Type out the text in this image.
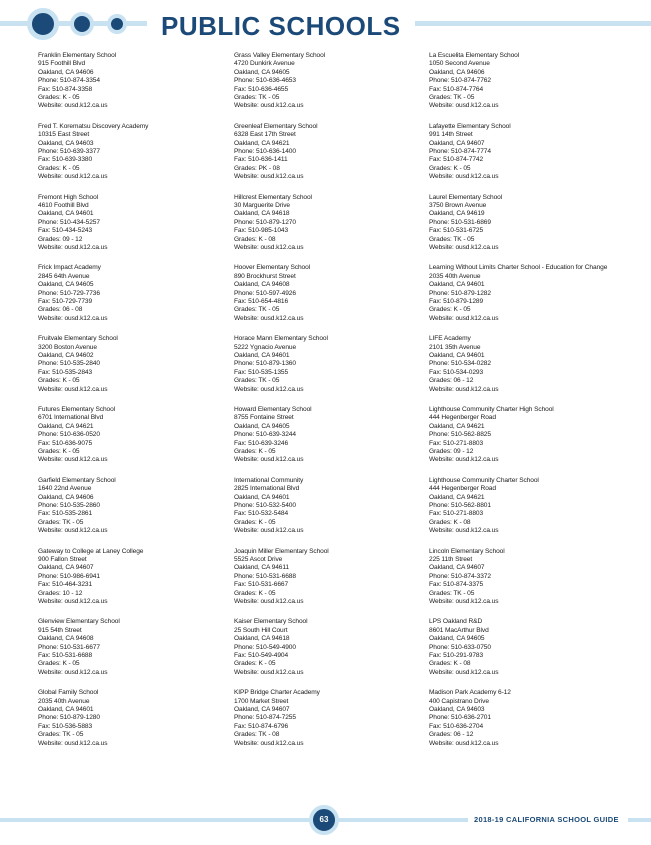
PUBLIC SCHOOLS
Franklin Elementary School
915 Foothill Blvd
Oakland, CA 94606
Phone: 510-874-3354
Fax: 510-874-3358
Grades: K - 05
Website: ousd.k12.ca.us
Fred T. Korematsu Discovery Academy
10315 East Street
Oakland, CA 94603
Phone: 510-639-3377
Fax: 510-639-3380
Grades: K - 05
Website: ousd.k12.ca.us
Fremont High School
4610 Foothill Blvd
Oakland, CA 94601
Phone: 510-434-5257
Fax: 510-434-5243
Grades: 09 - 12
Website: ousd.k12.ca.us
Frick Impact Academy
2845 64th Avenue
Oakland, CA 94605
Phone: 510-729-7736
Fax: 510-729-7739
Grades: 06 - 08
Website: ousd.k12.ca.us
Fruitvale Elementary School
3200 Boston Avenue
Oakland, CA 94602
Phone: 510-535-2840
Fax: 510-535-2843
Grades: K - 05
Website: ousd.k12.ca.us
Futures Elementary School
6701 International Blvd
Oakland, CA 94621
Phone: 510-636-0520
Fax: 510-636-9075
Grades: K - 05
Website: ousd.k12.ca.us
Garfield Elementary School
1640 22nd Avenue
Oakland, CA 94606
Phone: 510-535-2860
Fax: 510-535-2861
Grades: TK - 05
Website: ousd.k12.ca.us
Gateway to College at Laney College
900 Fallon Street
Oakland, CA 94607
Phone: 510-986-6941
Fax: 510-464-3231
Grades: 10 - 12
Website: ousd.k12.ca.us
Glenview Elementary School
915 54th Street
Oakland, CA 94608
Phone: 510-531-6677
Fax: 510-531-6688
Grades: K - 05
Website: ousd.k12.ca.us
Global Family School
2035 40th Avenue
Oakland, CA 94601
Phone: 510-879-1280
Fax: 510-536-5883
Grades: TK - 05
Website: ousd.k12.ca.us
Grass Valley Elementary School
4720 Dunkirk Avenue
Oakland, CA 94605
Phone: 510-636-4653
Fax: 510-636-4655
Grades: TK - 05
Website: ousd.k12.ca.us
Greenleaf Elementary School
6328 East 17th Street
Oakland, CA 94621
Phone: 510-636-1400
Fax: 510-636-1411
Grades: PK - 08
Website: ousd.k12.ca.us
Hillcrest Elementary School
30 Marguerite Drive
Oakland, CA 94618
Phone: 510-879-1270
Fax: 510-985-1043
Grades: K - 08
Website: ousd.k12.ca.us
Hoover Elementary School
890 Brockhurst Street
Oakland, CA 94608
Phone: 510-597-4926
Fax: 510-654-4816
Grades: TK - 05
Website: ousd.k12.ca.us
Horace Mann Elementary School
5222 Ygnacio Avenue
Oakland, CA 94601
Phone: 510-879-1360
Fax: 510-535-1355
Grades: TK - 05
Website: ousd.k12.ca.us
Howard Elementary School
8755 Fontaine Street
Oakland, CA 94605
Phone: 510-639-3244
Fax: 510-639-3246
Grades: K - 05
Website: ousd.k12.ca.us
International Community
2825 International Blvd
Oakland, CA 94601
Phone: 510-532-5400
Fax: 510-532-5484
Grades: K - 05
Website: ousd.k12.ca.us
Joaquin Miller Elementary School
5525 Ascot Drive
Oakland, CA 94611
Phone: 510-531-6688
Fax: 510-531-6667
Grades: K - 05
Website: ousd.k12.ca.us
Kaiser Elementary School
25 South Hill Court
Oakland, CA 94618
Phone: 510-549-4900
Fax: 510-549-4904
Grades: K - 05
Website: ousd.k12.ca.us
KIPP Bridge Charter Academy
1700 Market Street
Oakland, CA 94607
Phone: 510-874-7255
Fax: 510-874-6796
Grades: TK - 08
Website: ousd.k12.ca.us
La Escuelita Elementary School
1050 Second Avenue
Oakland, CA 94606
Phone: 510-874-7762
Fax: 510-874-7764
Grades: TK - 05
Website: ousd.k12.ca.us
Lafayette Elementary School
991 14th Street
Oakland, CA 94607
Phone: 510-874-7774
Fax: 510-874-7742
Grades: K - 05
Website: ousd.k12.ca.us
Laurel Elementary School
3750 Brown Avenue
Oakland, CA 94619
Phone: 510-531-6869
Fax: 510-531-6725
Grades: TK - 05
Website: ousd.k12.ca.us
Learning Without Limits Charter School - Education for Change
2035 40th Avenue
Oakland, CA 94601
Phone: 510-879-1282
Fax: 510-879-1289
Grades: K - 05
Website: ousd.k12.ca.us
LIFE Academy
2101 35th Avenue
Oakland, CA 94601
Phone: 510-534-0282
Fax: 510-534-0293
Grades: 06 - 12
Website: ousd.k12.ca.us
Lighthouse Community Charter High School
444 Hegenberger Road
Oakland, CA 94621
Phone: 510-562-8825
Fax: 510-271-8803
Grades: 09 - 12
Website: ousd.k12.ca.us
Lighthouse Community Charter School
444 Hegenberger Road
Oakland, CA 94621
Phone: 510-562-8801
Fax: 510-271-8803
Grades: K - 08
Website: ousd.k12.ca.us
Lincoln Elementary School
225 11th Street
Oakland, CA 94607
Phone: 510-874-3372
Fax: 510-874-3375
Grades: TK - 05
Website: ousd.k12.ca.us
LPS Oakland R&D
8601 MacArthur Blvd
Oakland, CA 94605
Phone: 510-633-0750
Fax: 510-291-9783
Grades: K - 08
Website: ousd.k12.ca.us
Madison Park Academy 6-12
400 Capistrano Drive
Oakland, CA 94603
Phone: 510-636-2701
Fax: 510-636-2704
Grades: 06 - 12
Website: ousd.k12.ca.us
63	2018-19 CALIFORNIA SCHOOL GUIDE
